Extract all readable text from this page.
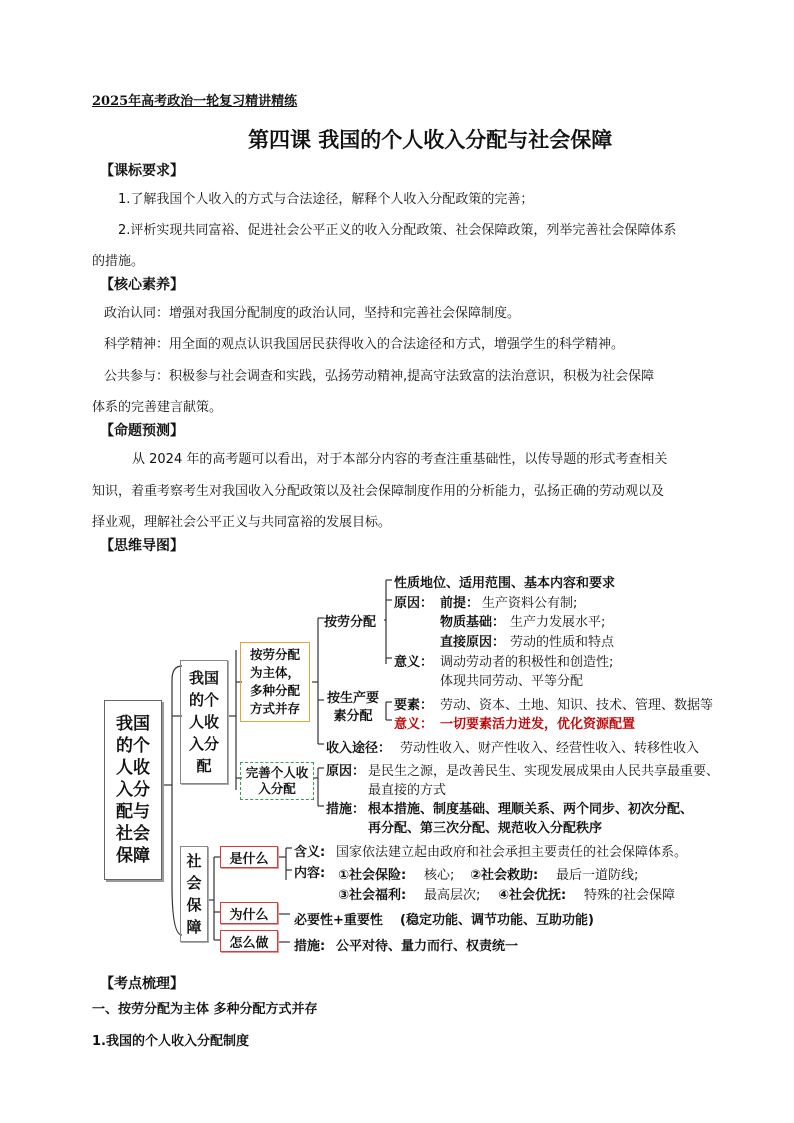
2025年高考政治一轮复习精讲精练
第四课 我国的个人收入分配与社会保障
【课标要求】
1.了解我国个人收入的方式与合法途径，解释个人收入分配政策的完善；
2.评析实现共同富裕、促进社会公平正义的收入分配政策、社会保障政策，列举完善社会保障体系
的措施。
【核心素养】
政治认同：增强对我国分配制度的政治认同，坚持和完善社会保障制度。
科学精神：用全面的观点认识我国居民获得收入的合法途径和方式，增强学生的科学精神。
公共参与：积极参与社会调查和实践，弘扬劳动精神,提高守法致富的法治意识，积极为社会保障
体系的完善建言献策。
【命题预测】
从 2024 年的高考题可以看出，对于本部分内容的考查注重基础性，以传导题的形式考查相关
知识，着重考察考生对我国收入分配政策以及社会保障制度作用的分析能力，弘扬正确的劳动观以及
择业观，理解社会公平正义与共同富裕的发展目标。
【思维导图】
我国的个人收入分配与社会保障
我国的个人收入分配
按劳分配为主体，多种分配方式并存
按劳分配
性质地位、适用范围、基本内容和要求
原因： 前提： 生产资料公有制;
物质基础： 生产力发展水平;
直接原因： 劳动的性质和特点
意义： 调动劳动者的积极性和创造性;
体现共同劳动、平等分配
按生产要素分配
要素： 劳动、资本、土地、知识、技术、管理、数据等
意义： 一切要素活力迸发，优化资源配置
收入途径： 劳动性收入、财产性收入、经营性收入、转移性收入
完善个人收入分配
原因： 是民生之源，是改善民生、实现发展成果由人民共享最重要、
最直接的方式
措施： 根本措施、制度基础、理顺关系、两个同步、初次分配、
再分配、第三次分配、规范收入分配秩序
社会保障
是什么
为什么
怎么做
含义: 国家依法建立起由政府和社会承担主要责任的社会保障体系。
内容: ①社会保险: 核心; ②社会救助: 最后一道防线;
③社会福利: 最高层次; ④社会优抚: 特殊的社会保障
必要性+重要性 (稳定功能、调节功能、互助功能)
措施: 公平对待、量力而行、权责统一
【考点梳理】
一、按劳分配为主体 多种分配方式并存
1.我国的个人收入分配制度
